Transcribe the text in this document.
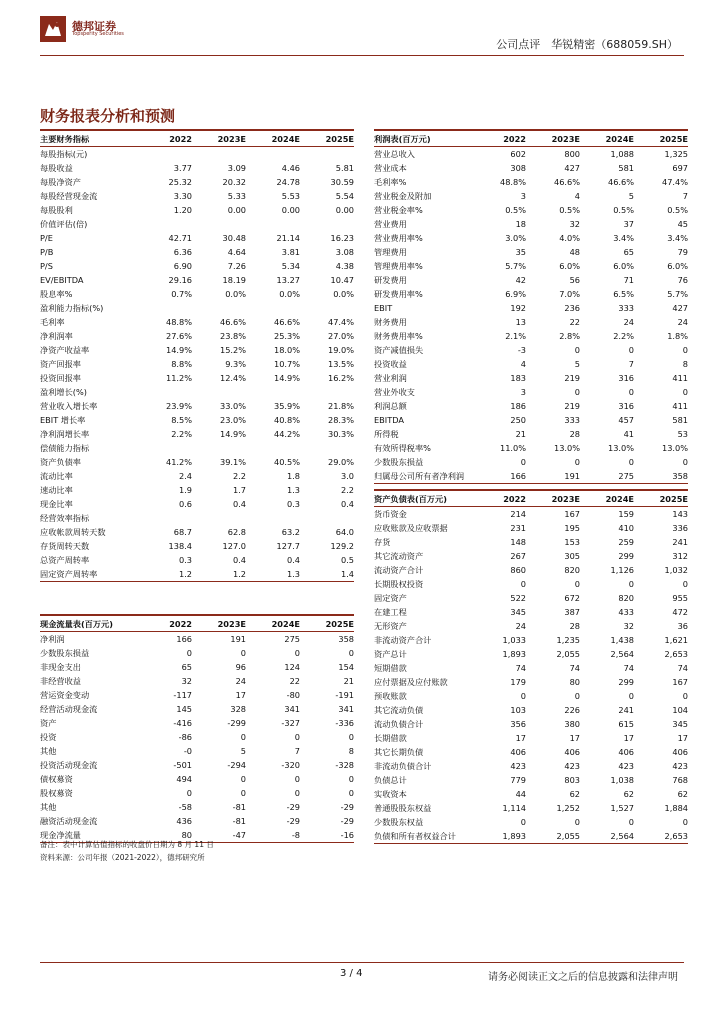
德邦证券
Topsperity Securities
公司点评　华锐精密（688059.SH）
财务报表分析和预测
主要财务指标	2022	2023E	2024E	2025E
每股指标(元)
每股收益	3.77	3.09	4.46	5.81
每股净资产	25.32	20.32	24.78	30.59
每股经营现金流	3.30	5.33	5.53	5.54
每股股利	1.20	0.00	0.00	0.00
价值评估(倍)
P/E	42.71	30.48	21.14	16.23
P/B	6.36	4.64	3.81	3.08
P/S	6.90	7.26	5.34	4.38
EV/EBITDA	29.16	18.19	13.27	10.47
股息率%	0.7%	0.0%	0.0%	0.0%
盈利能力指标(%)
毛利率	48.8%	46.6%	46.6%	47.4%
净利润率	27.6%	23.8%	25.3%	27.0%
净资产收益率	14.9%	15.2%	18.0%	19.0%
资产回报率	8.8%	9.3%	10.7%	13.5%
投资回报率	11.2%	12.4%	14.9%	16.2%
盈利增长(%)
营业收入增长率	23.9%	33.0%	35.9%	21.8%
EBIT 增长率	8.5%	23.0%	40.8%	28.3%
净利润增长率	2.2%	14.9%	44.2%	30.3%
偿债能力指标
资产负债率	41.2%	39.1%	40.5%	29.0%
流动比率	2.4	2.2	1.8	3.0
速动比率	1.9	1.7	1.3	2.2
现金比率	0.6	0.4	0.3	0.4
经营效率指标
应收帐款周转天数	68.7	62.8	63.2	64.0
存货周转天数	138.4	127.0	127.7	129.2
总资产周转率	0.3	0.4	0.4	0.5
固定资产周转率	1.2	1.2	1.3	1.4
利润表(百万元)	2022	2023E	2024E	2025E
营业总收入	602	800	1,088	1,325
营业成本	308	427	581	697
毛利率%	48.8%	46.6%	46.6%	47.4%
营业税金及附加	3	4	5	7
营业税金率%	0.5%	0.5%	0.5%	0.5%
营业费用	18	32	37	45
营业费用率%	3.0%	4.0%	3.4%	3.4%
管理费用	35	48	65	79
管理费用率%	5.7%	6.0%	6.0%	6.0%
研发费用	42	56	71	76
研发费用率%	6.9%	7.0%	6.5%	5.7%
EBIT	192	236	333	427
财务费用	13	22	24	24
财务费用率%	2.1%	2.8%	2.2%	1.8%
资产减值损失	-3	0	0	0
投资收益	4	5	7	8
营业利润	183	219	316	411
营业外收支	3	0	0	0
利润总额	186	219	316	411
EBITDA	250	333	457	581
所得税	21	28	41	53
有效所得税率%	11.0%	13.0%	13.0%	13.0%
少数股东损益	0	0	0	0
归属母公司所有者净利润	166	191	275	358
资产负债表(百万元)	2022	2023E	2024E	2025E
货币资金	214	167	159	143
应收账款及应收票据	231	195	410	336
存货	148	153	259	241
其它流动资产	267	305	299	312
流动资产合计	860	820	1,126	1,032
长期股权投资	0	0	0	0
固定资产	522	672	820	955
在建工程	345	387	433	472
无形资产	24	28	32	36
非流动资产合计	1,033	1,235	1,438	1,621
资产总计	1,893	2,055	2,564	2,653
短期借款	74	74	74	74
应付票据及应付账款	179	80	299	167
预收账款	0	0	0	0
其它流动负债	103	226	241	104
流动负债合计	356	380	615	345
长期借款	17	17	17	17
其它长期负债	406	406	406	406
非流动负债合计	423	423	423	423
负债总计	779	803	1,038	768
实收资本	44	62	62	62
普通股股东权益	1,114	1,252	1,527	1,884
少数股东权益	0	0	0	0
负债和所有者权益合计	1,893	2,055	2,564	2,653
现金流量表(百万元)	2022	2023E	2024E	2025E
净利润	166	191	275	358
少数股东损益	0	0	0	0
非现金支出	65	96	124	154
非经营收益	32	24	22	21
营运资金变动	-117	17	-80	-191
经营活动现金流	145	328	341	341
资产	-416	-299	-327	-336
投资	-86	0	0	0
其他	-0	5	7	8
投资活动现金流	-501	-294	-320	-328
债权募资	494	0	0	0
股权募资	0	0	0	0
其他	-58	-81	-29	-29
融资活动现金流	436	-81	-29	-29
现金净流量	80	-47	-8	-16
备注：表中计算估值指标的收盘价日期为 8 月 11 日
资料来源：公司年报（2021-2022），德邦研究所
3 / 4	请务必阅读正文之后的信息披露和法律声明
